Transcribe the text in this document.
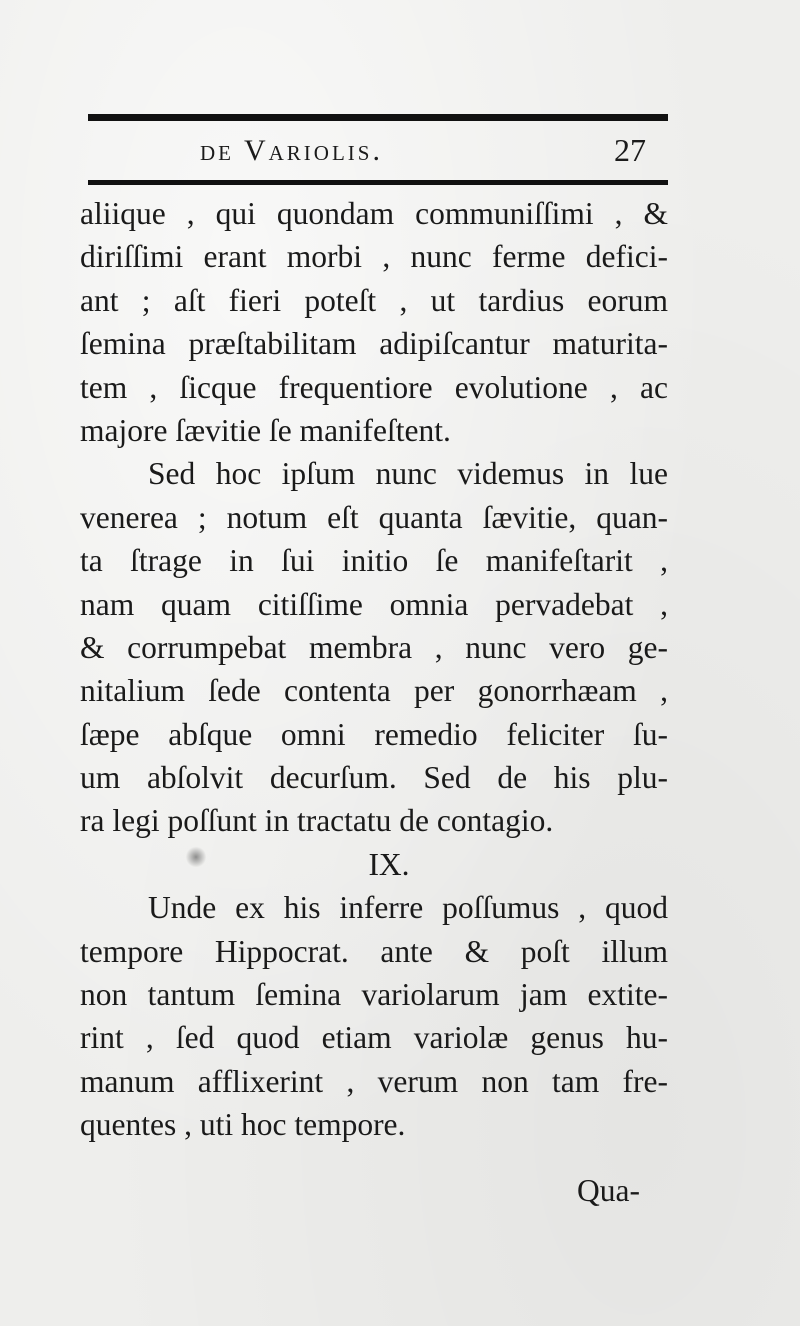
de Variolis.	27
aliique , qui quondam communiſſimi , &
diriſſimi erant morbi , nunc ferme defici-
ant ; aſt fieri poteſt , ut tardius eorum
ſemina præſtabilitam adipiſcantur maturita-
tem , ſicque frequentiore evolutione , ac
majore ſævitie ſe manifeſtent.
Sed hoc ipſum nunc videmus in lue
venerea ; notum eſt quanta ſævitie, quan-
ta ſtrage in ſui initio ſe manifeſtarit ,
nam quam citiſſime omnia pervadebat ,
& corrumpebat membra , nunc vero ge-
nitalium ſede contenta per gonorrhæam ,
ſæpe abſque omni remedio feliciter ſu-
um abſolvit decurſum. Sed de his plu-
ra legi poſſunt in tractatu de contagio.
IX.
Unde ex his inferre poſſumus , quod
tempore Hippocrat. ante & poſt illum
non tantum ſemina variolarum jam extite-
rint , ſed quod etiam variolæ genus hu-
manum afflixerint , verum non tam fre-
quentes , uti hoc tempore.
Qua-
